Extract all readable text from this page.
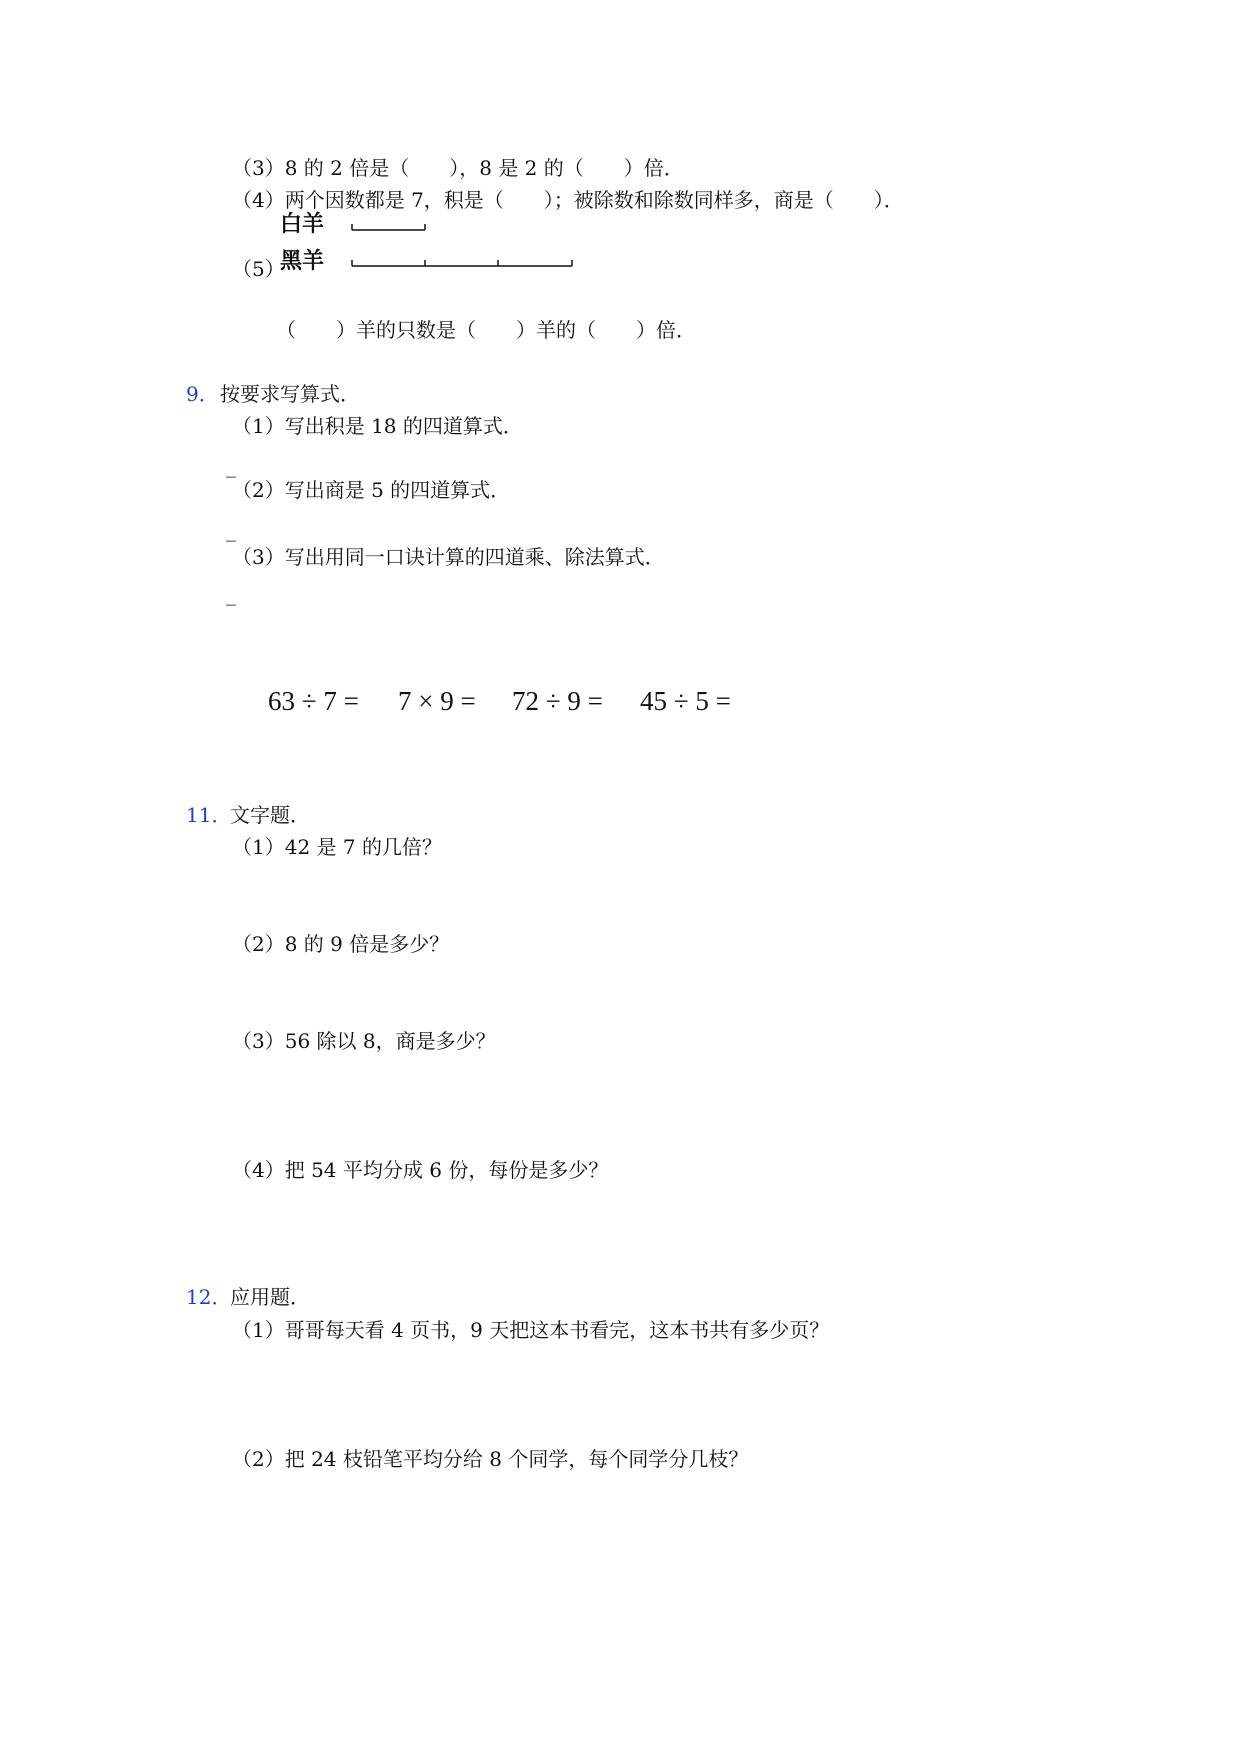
（3）8 的 2 倍是（　　），8 是 2 的（　　）倍．
（4）两个因数都是 7，积是（　　）；被除数和除数同样多，商是（　　）．
白羊
（5）
黑羊
（　　）羊的只数是（　　）羊的（　　）倍．
9． 按要求写算式．
（1）写出积是 18 的四道算式．
_
（2）写出商是 5 的四道算式．
_
（3）写出用同一口诀计算的四道乘、除法算式．
_
63 ÷ 7 = 7 × 9 = 72 ÷ 9 = 45 ÷ 5 =
11．
文字题．
（1）42 是 7 的几倍？
（2）8 的 9 倍是多少？
（3）56 除以 8，商是多少？
（4）把 54 平均分成 6 份，每份是多少？
12．
应用题．
（1）哥哥每天看 4 页书，9 天把这本书看完，这本书共有多少页？
（2）把 24 枝铅笔平均分给 8 个同学，每个同学分几枝？
